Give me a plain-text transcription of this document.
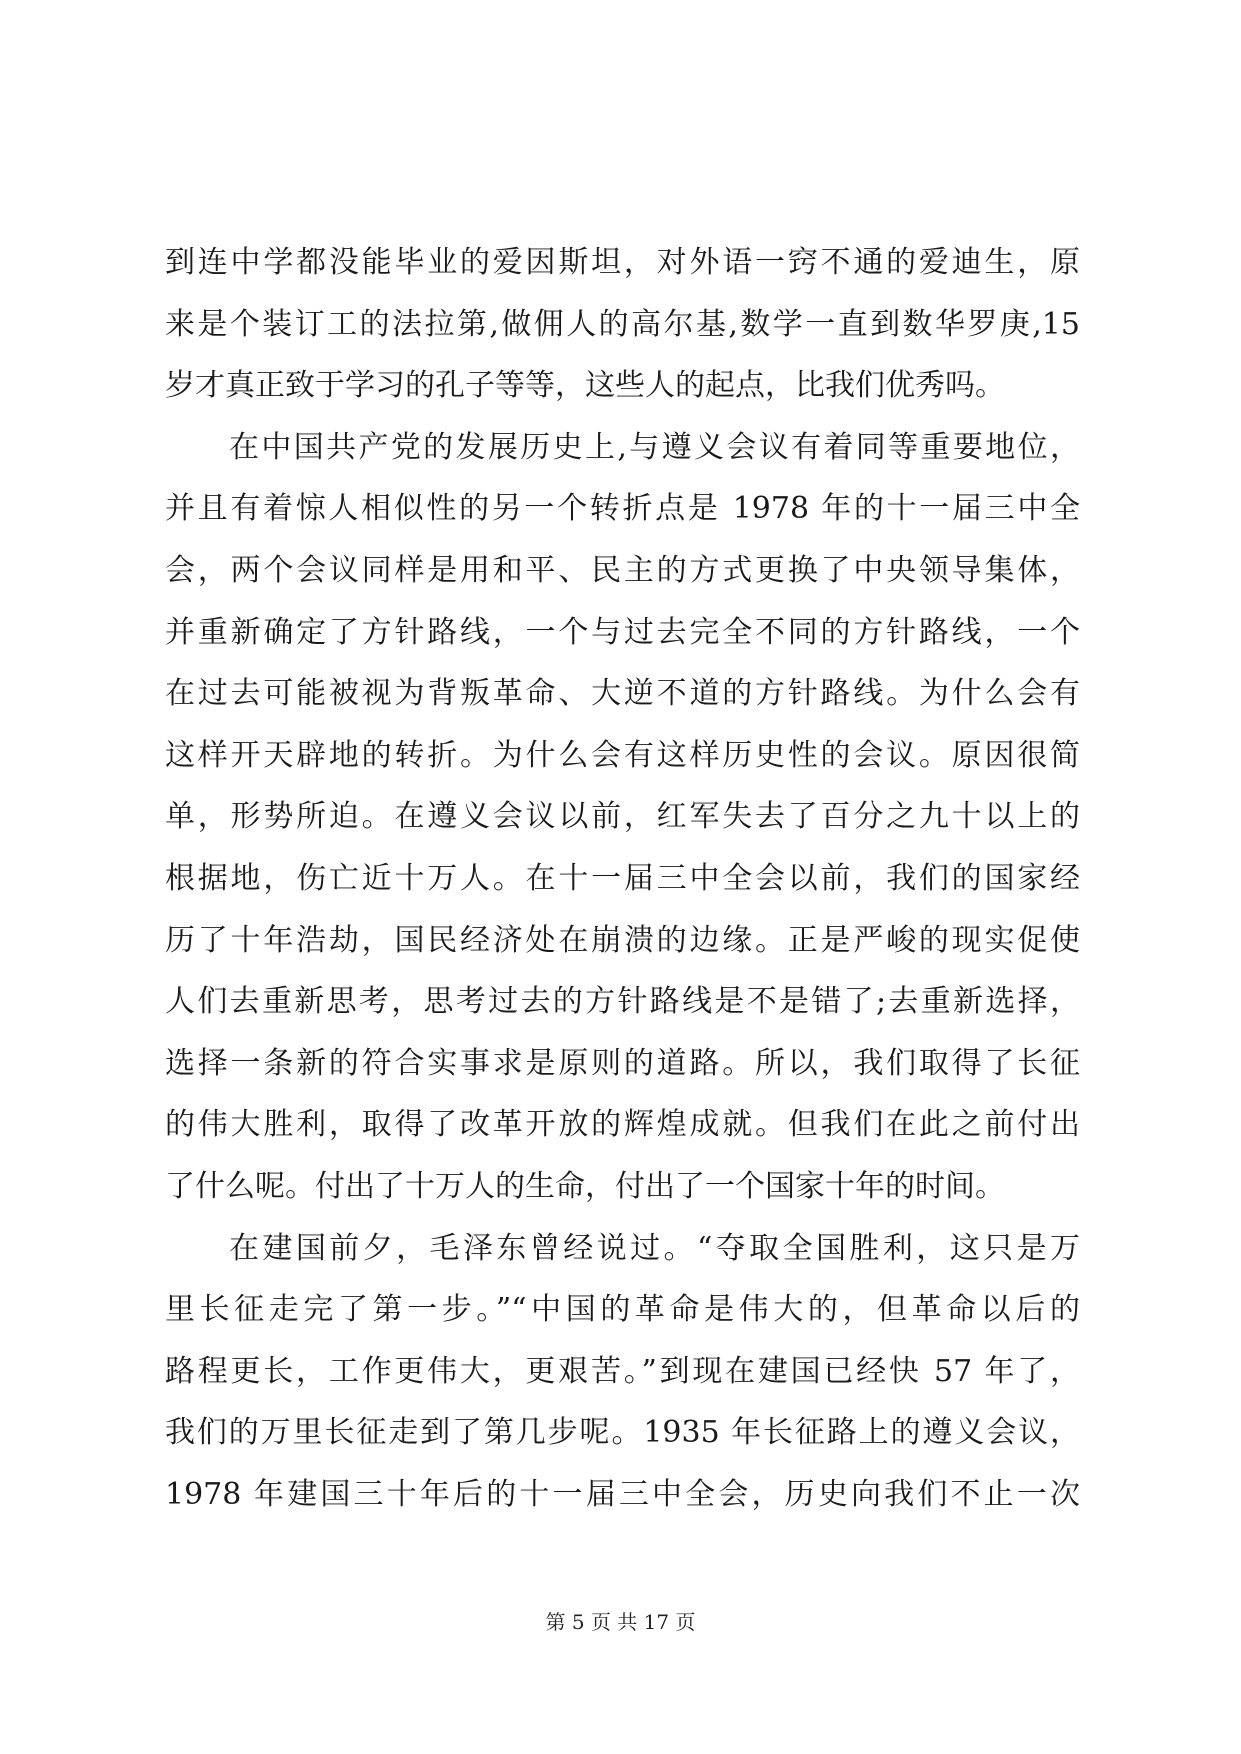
到连中学都没能毕业的爱因斯坦，对外语一窍不通的爱迪生，原
来是个装订工的法拉第,做佣人的高尔基,数学一直到数华罗庚,15
岁才真正致于学习的孔子等等，这些人的起点，比我们优秀吗。
在中国共产党的发展历史上,与遵义会议有着同等重要地位，
并且有着惊人相似性的另一个转折点是 1978 年的十一届三中全
会，两个会议同样是用和平、民主的方式更换了中央领导集体，
并重新确定了方针路线，一个与过去完全不同的方针路线，一个
在过去可能被视为背叛革命、大逆不道的方针路线。为什么会有
这样开天辟地的转折。为什么会有这样历史性的会议。原因很简
单，形势所迫。在遵义会议以前，红军失去了百分之九十以上的
根据地，伤亡近十万人。在十一届三中全会以前，我们的国家经
历了十年浩劫，国民经济处在崩溃的边缘。正是严峻的现实促使
人们去重新思考，思考过去的方针路线是不是错了;去重新选择，
选择一条新的符合实事求是原则的道路。所以，我们取得了长征
的伟大胜利，取得了改革开放的辉煌成就。但我们在此之前付出
了什么呢。付出了十万人的生命，付出了一个国家十年的时间。
在建国前夕，毛泽东曾经说过。“夺取全国胜利，这只是万
里长征走完了第一步。”“中国的革命是伟大的，但革命以后的
路程更长，工作更伟大，更艰苦。”到现在建国已经快 57 年了，
我们的万里长征走到了第几步呢。1935 年长征路上的遵义会议，
1978 年建国三十年后的十一届三中全会，历史向我们不止一次
第 5 页 共 17 页
